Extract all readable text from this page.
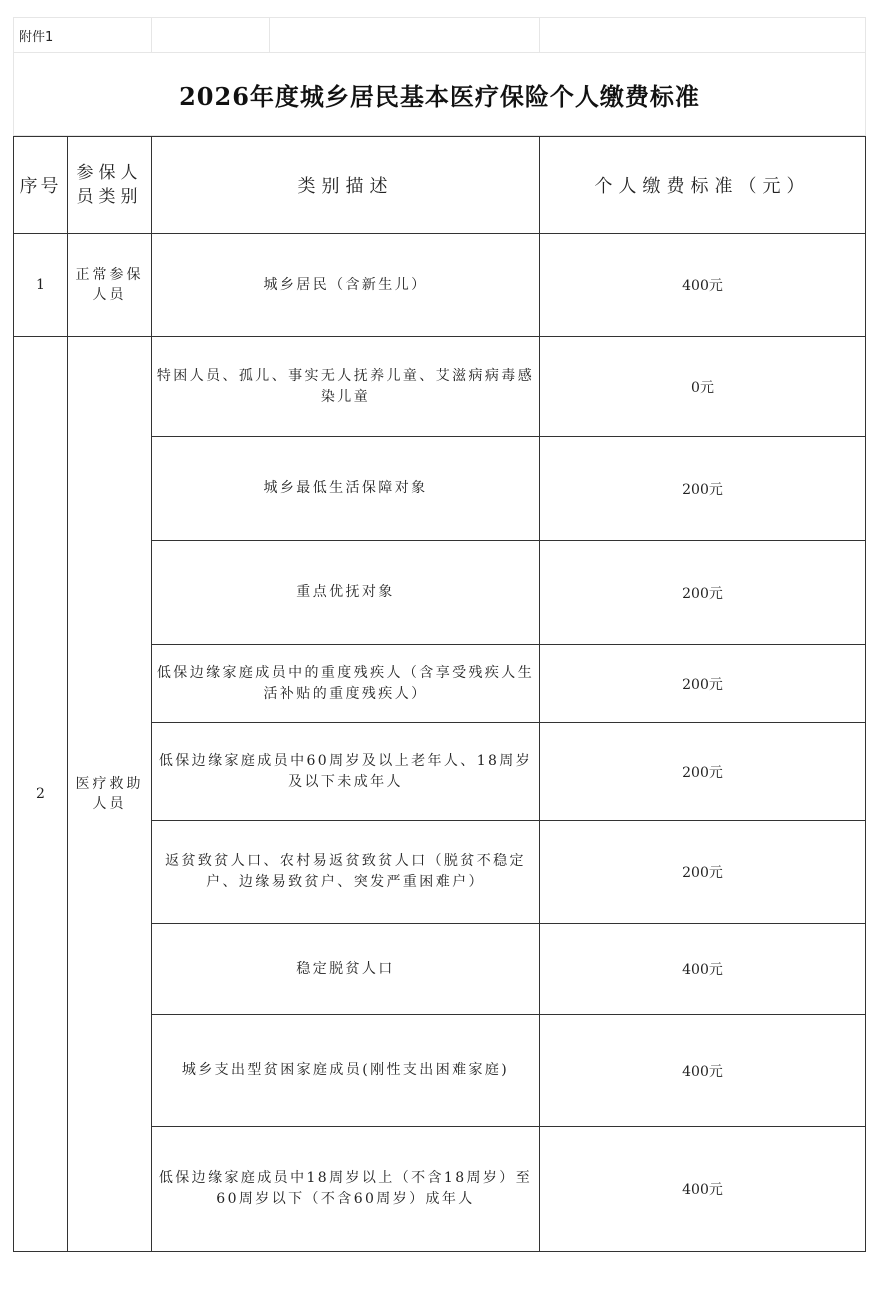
附件1			
2026年度城乡居民基本医疗保险个人缴费标准
序号	参保人员类别	类别描述	个人缴费标准（元）
1	正常参保人员	城乡居民（含新生儿）	400元
2	医疗救助人员	特困人员、孤儿、事实无人抚养儿童、艾滋病病毒感染儿童	0元
		城乡最低生活保障对象	200元
		重点优抚对象	200元
		低保边缘家庭成员中的重度残疾人（含享受残疾人生活补贴的重度残疾人）	200元
		低保边缘家庭成员中60周岁及以上老年人、18周岁及以下未成年人	200元
		返贫致贫人口、农村易返贫致贫人口（脱贫不稳定户、边缘易致贫户、突发严重困难户）	200元
		稳定脱贫人口	400元
		城乡支出型贫困家庭成员(刚性支出困难家庭)	400元
		低保边缘家庭成员中18周岁以上（不含18周岁）至60周岁以下（不含60周岁）成年人	400元
